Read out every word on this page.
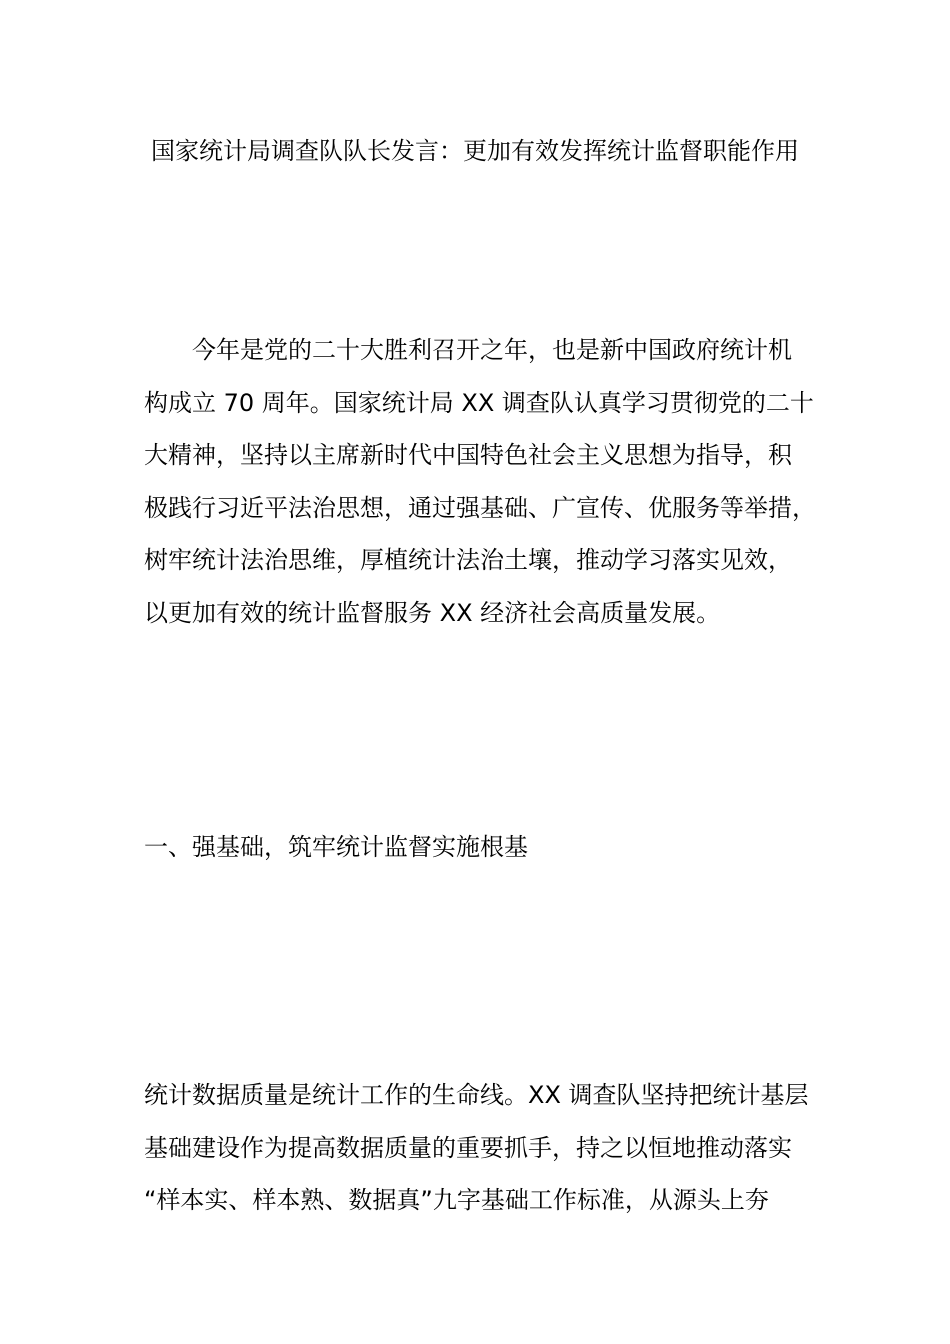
国家统计局调查队队长发言：更加有效发挥统计监督职能作用
今年是党的二十大胜利召开之年，也是新中国政府统计机
构成立 70 周年。国家统计局 XX 调查队认真学习贯彻党的二十
大精神，坚持以主席新时代中国特色社会主义思想为指导，积
极践行习近平法治思想，通过强基础、广宣传、优服务等举措，
树牢统计法治思维，厚植统计法治土壤，推动学习落实见效，
以更加有效的统计监督服务 XX 经济社会高质量发展。
一、强基础，筑牢统计监督实施根基
统计数据质量是统计工作的生命线。XX 调查队坚持把统计基层
基础建设作为提高数据质量的重要抓手，持之以恒地推动落实
“样本实、样本熟、数据真”九字基础工作标准，从源头上夯
